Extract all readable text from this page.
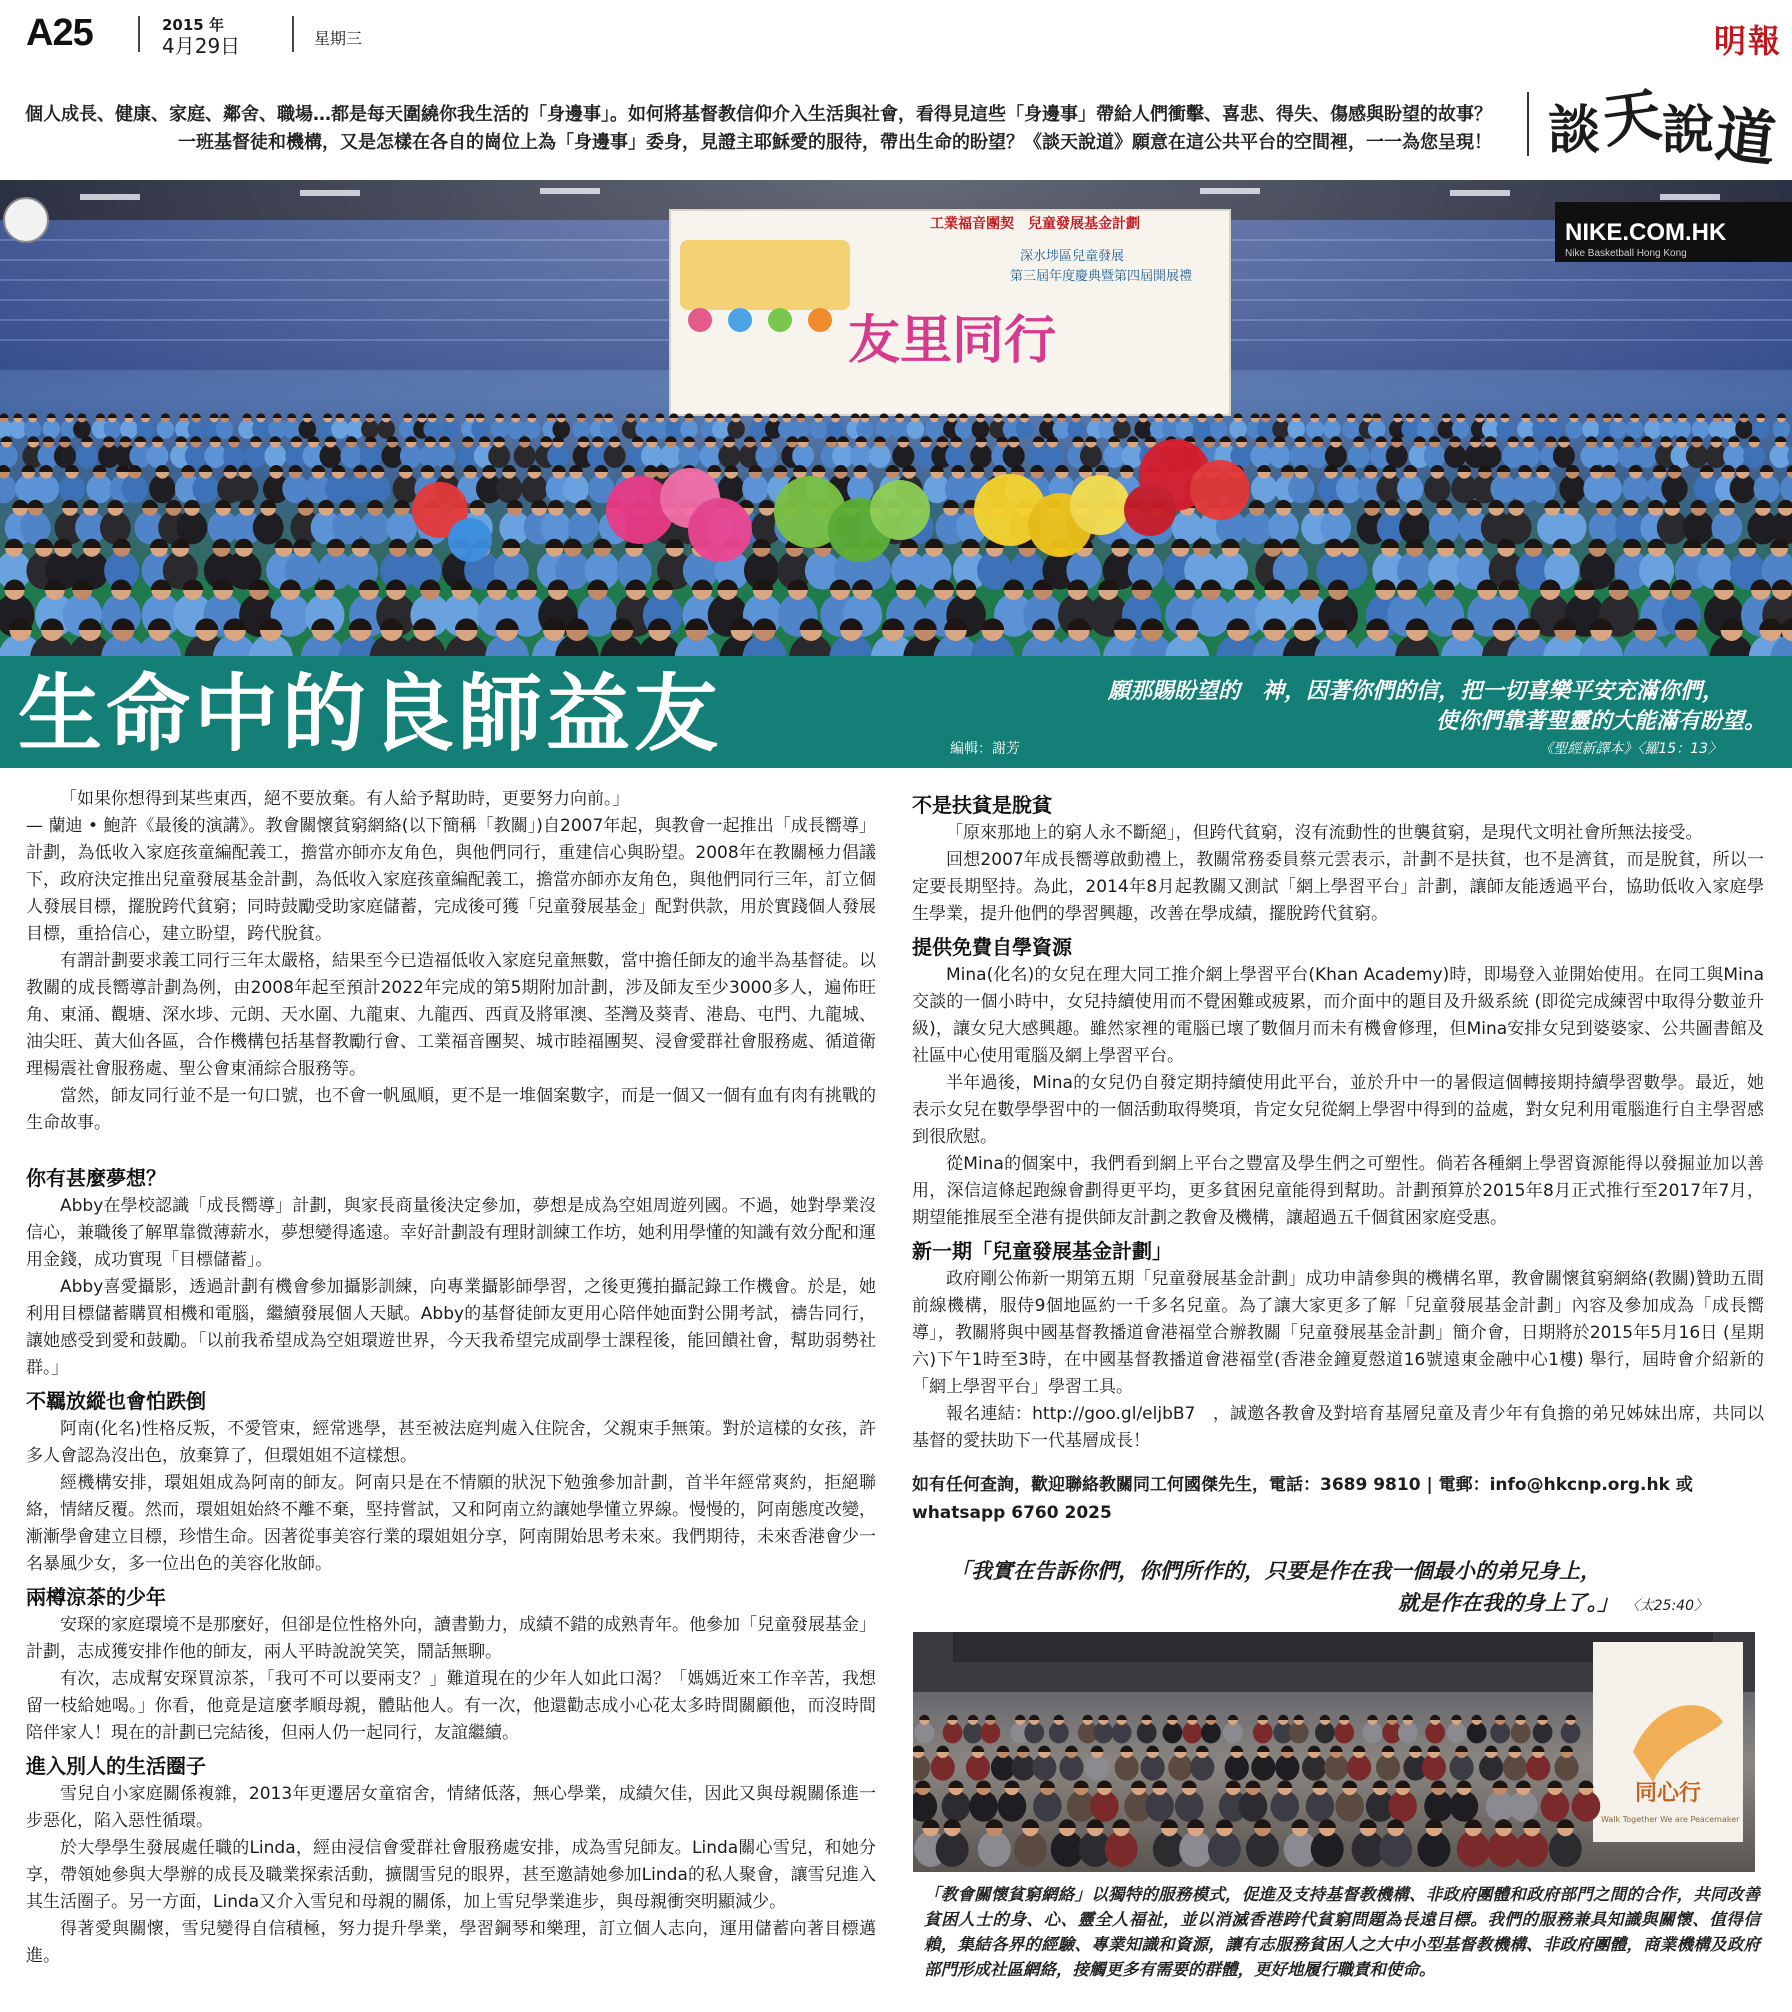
A25	2015 年
4月29日	星期三	明報
個人成長、健康、家庭、鄰舍、職場…都是每天圍繞你我生活的「身邊事」。如何將基督教信仰介入生活與社會，看得見這些「身邊事」帶給人們衝擊、喜悲、得失、傷感與盼望的故事？
一班基督徒和機構，又是怎樣在各自的崗位上為「身邊事」委身，見證主耶穌愛的服待，帶出生命的盼望？《談天說道》願意在這公共平台的空間裡，一一為您呈現！ 談天說道
工業福音團契　兒童發展基金計劃
友里同行
深水埗區兒童發展
第三屆年度慶典暨第四屆開展禮
NIKE.COM.HK
Nike Basketball Hong Kong
生命中的良師益友	編輯：謝芳
願那賜盼望的　神，因著你們的信，把一切喜樂平安充滿你們，
使你們靠著聖靈的大能滿有盼望。
《聖經新譯本》〈羅15：13〉

「如果你想得到某些東西，絕不要放棄。有人給予幫助時，更要努力向前。」

— 蘭迪 • 鮑許《最後的演講》。教會關懷貧窮網絡(以下簡稱「教關」)自2007年起，與教會一起推出「成長嚮導」計劃，為低收入家庭孩童編配義工，擔當亦師亦友角色，與他們同行，重建信心與盼望。2008年在教關極力倡議下，政府決定推出兒童發展基金計劃，為低收入家庭孩童編配義工，擔當亦師亦友角色，與他們同行三年，訂立個人發展目標，擺脫跨代貧窮；同時鼓勵受助家庭儲蓄，完成後可獲「兒童發展基金」配對供款，用於實踐個人發展目標，重拾信心，建立盼望，跨代脫貧。

有謂計劃要求義工同行三年太嚴格，結果至今已造福低收入家庭兒童無數，當中擔任師友的逾半為基督徒。以教關的成長嚮導計劃為例，由2008年起至預計2022年完成的第5期附加計劃，涉及師友至少3000多人，遍佈旺角、東涌、觀塘、深水埗、元朗、天水圍、九龍東、九龍西、西貢及將軍澳、荃灣及葵青、港島、屯門、九龍城、油尖旺、黃大仙各區，合作機構包括基督教勵行會、工業福音團契、城市睦福團契、浸會愛群社會服務處、循道衛理楊震社會服務處、聖公會東涌綜合服務等。

當然，師友同行並不是一句口號，也不會一帆風順，更不是一堆個案數字，而是一個又一個有血有肉有挑戰的生命故事。

你有甚麼夢想？

Abby在學校認識「成長嚮導」計劃，與家長商量後決定參加，夢想是成為空姐周遊列國。不過，她對學業沒信心，兼職後了解單靠微薄薪水，夢想變得遙遠。幸好計劃設有理財訓練工作坊，她利用學懂的知識有效分配和運用金錢，成功實現「目標儲蓄」。

Abby喜愛攝影，透過計劃有機會參加攝影訓練，向專業攝影師學習，之後更獲拍攝記錄工作機會。於是，她利用目標儲蓄購買相機和電腦，繼續發展個人天賦。Abby的基督徒師友更用心陪伴她面對公開考試，禱告同行，讓她感受到愛和鼓勵。「以前我希望成為空姐環遊世界，今天我希望完成副學士課程後，能回饋社會，幫助弱勢社群。」

不羈放縱也會怕跌倒

阿南(化名)性格反叛，不愛管束，經常逃學，甚至被法庭判處入住院舍，父親束手無策。對於這樣的女孩，許多人會認為沒出色，放棄算了，但環姐姐不這樣想。

經機構安排，環姐姐成為阿南的師友。阿南只是在不情願的狀況下勉強參加計劃，首半年經常爽約，拒絕聯絡，情緒反覆。然而，環姐姐始終不離不棄，堅持嘗試，又和阿南立約讓她學懂立界線。慢慢的，阿南態度改變，漸漸學會建立目標，珍惜生命。因著從事美容行業的環姐姐分享，阿南開始思考未來。我們期待，未來香港會少一名暴風少女，多一位出色的美容化妝師。

兩樽涼茶的少年

安琛的家庭環境不是那麼好，但卻是位性格外向，讀書勤力，成績不錯的成熟青年。他參加「兒童發展基金」計劃，志成獲安排作他的師友，兩人平時說說笑笑，鬧話無聊。

有次，志成幫安琛買涼茶，「我可不可以要兩支？」難道現在的少年人如此口渴？「媽媽近來工作辛苦，我想留一枝給她喝。」你看，他竟是這麼孝順母親，體貼他人。有一次，他還勸志成小心花太多時間關顧他，而沒時間陪伴家人！現在的計劃已完結後，但兩人仍一起同行，友誼繼續。

進入別人的生活圈子

雪兒自小家庭關係複雜，2013年更遷居女童宿舍，情緒低落，無心學業，成績欠佳，因此又與母親關係進一步惡化，陷入惡性循環。

於大學學生發展處任職的Linda，經由浸信會愛群社會服務處安排，成為雪兒師友。Linda關心雪兒，和她分享，帶領她參與大學辦的成長及職業探索活動，擴闊雪兒的眼界，甚至邀請她參加Linda的私人聚會，讓雪兒進入其生活圈子。另一方面，Linda又介入雪兒和母親的關係，加上雪兒學業進步，與母親衝突明顯減少。

得著愛與關懷，雪兒變得自信積極，努力提升學業，學習鋼琴和樂理，訂立個人志向，運用儲蓄向著目標邁進。

不是扶貧是脫貧

「原來那地上的窮人永不斷絕」，但跨代貧窮，沒有流動性的世襲貧窮，是現代文明社會所無法接受。

回想2007年成長嚮導啟動禮上，教關常務委員蔡元雲表示，計劃不是扶貧，也不是濟貧，而是脫貧，所以一定要長期堅持。為此，2014年8月起教關又測試「網上學習平台」計劃，讓師友能透過平台，協助低收入家庭學生學業，提升他們的學習興趣，改善在學成績，擺脫跨代貧窮。

提供免費自學資源

Mina(化名)的女兒在理大同工推介網上學習平台(Khan Academy)時，即場登入並開始使用。在同工與Mina交談的一個小時中，女兒持續使用而不覺困難或疲累，而介面中的題目及升級系統 (即從完成練習中取得分數並升級)，讓女兒大感興趣。雖然家裡的電腦已壞了數個月而未有機會修理，但Mina安排女兒到婆婆家、公共圖書館及社區中心使用電腦及網上學習平台。

半年過後，Mina的女兒仍自發定期持續使用此平台，並於升中一的暑假這個轉接期持續學習數學。最近，她表示女兒在數學學習中的一個活動取得獎項，肯定女兒從網上學習中得到的益處，對女兒利用電腦進行自主學習感到很欣慰。

從Mina的個案中，我們看到網上平台之豐富及學生們之可塑性。倘若各種網上學習資源能得以發掘並加以善用，深信這條起跑線會劃得更平均，更多貧困兒童能得到幫助。計劃預算於2015年8月正式推行至2017年7月，期望能推展至全港有提供師友計劃之教會及機構，讓超過五千個貧困家庭受惠。

新一期「兒童發展基金計劃」

政府剛公佈新一期第五期「兒童發展基金計劃」成功申請參與的機構名單，教會關懷貧窮網絡(教關)贊助五間前線機構，服侍9個地區約一千多名兒童。為了讓大家更多了解「兒童發展基金計劃」內容及參加成為「成長嚮導」，教關將與中國基督教播道會港福堂合辦教關「兒童發展基金計劃」簡介會，日期將於2015年5月16日 (星期六)下午1時至3時，在中國基督教播道會港福堂(香港金鐘夏慤道16號遠東金融中心1樓) 舉行，屆時會介紹新的「網上學習平台」學習工具。

報名連結：http://goo.gl/eljbB7　，誠邀各教會及對培育基層兒童及青少年有負擔的弟兄姊妹出席，共同以基督的愛扶助下一代基層成長！

如有任何查詢，歡迎聯絡教關同工何國傑先生，電話：3689 9810 | 電郵：info@hkcnp.org.hk 或 whatsapp 6760 2025
「我實在告訴你們，你們所作的，只要是作在我一個最小的弟兄身上，
就是作在我的身上了。」 〈太25:40〉
同心行
Walk Together We are Peacemaker
「教會關懷貧窮網絡」以獨特的服務模式，促進及支持基督教機構、非政府團體和政府部門之間的合作，共同改善貧困人士的身、心、靈全人福祉，並以消滅香港跨代貧窮問題為長遠目標。我們的服務兼具知識與關懷、值得信賴，集結各界的經驗、專業知識和資源，讓有志服務貧困人之大中小型基督教機構、非政府團體，商業機構及政府部門形成社區網絡，接觸更多有需要的群體，更好地履行職責和使命。
